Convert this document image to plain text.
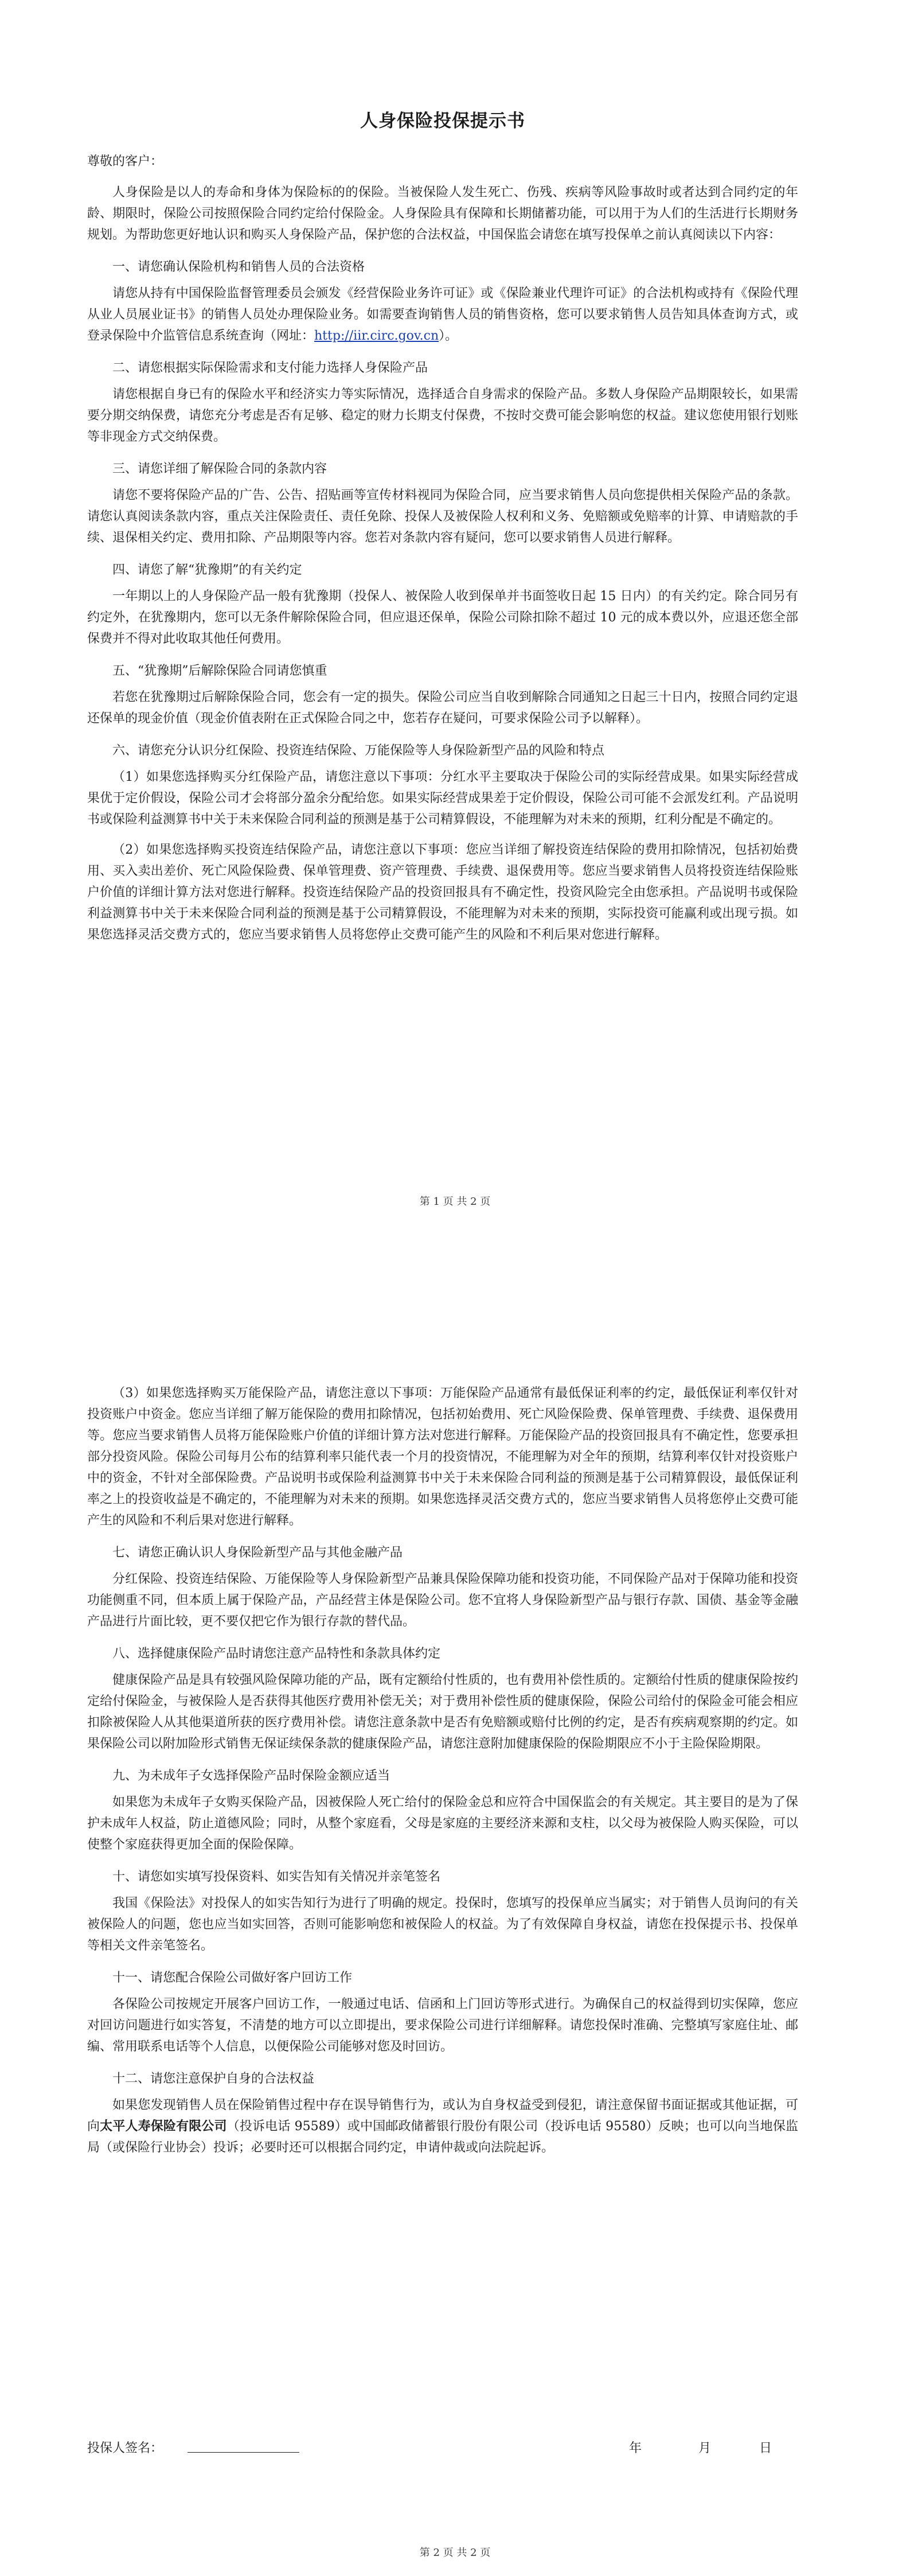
人身保险投保提示书
尊敬的客户：

人身保险是以人的寿命和身体为保险标的的保险。当被保险人发生死亡、伤残、疾病等风险事故时或者达到合同约定的年龄、期限时，保险公司按照保险合同约定给付保险金。人身保险具有保障和长期储蓄功能，可以用于为人们的生活进行长期财务规划。为帮助您更好地认识和购买人身保险产品，保护您的合法权益，中国保监会请您在填写投保单之前认真阅读以下内容：

一、请您确认保险机构和销售人员的合法资格

请您从持有中国保险监督管理委员会颁发《经营保险业务许可证》或《保险兼业代理许可证》的合法机构或持有《保险代理从业人员展业证书》的销售人员处办理保险业务。如需要查询销售人员的销售资格，您可以要求销售人员告知具体查询方式，或登录保险中介监管信息系统查询（网址：http://iir.circ.gov.cn）。

二、请您根据实际保险需求和支付能力选择人身保险产品

请您根据自身已有的保险水平和经济实力等实际情况，选择适合自身需求的保险产品。多数人身保险产品期限较长，如果需要分期交纳保费，请您充分考虑是否有足够、稳定的财力长期支付保费，不按时交费可能会影响您的权益。建议您使用银行划账等非现金方式交纳保费。

三、请您详细了解保险合同的条款内容

请您不要将保险产品的广告、公告、招贴画等宣传材料视同为保险合同，应当要求销售人员向您提供相关保险产品的条款。请您认真阅读条款内容，重点关注保险责任、责任免除、投保人及被保险人权利和义务、免赔额或免赔率的计算、申请赔款的手续、退保相关约定、费用扣除、产品期限等内容。您若对条款内容有疑问，您可以要求销售人员进行解释。

四、请您了解“犹豫期”的有关约定

一年期以上的人身保险产品一般有犹豫期（投保人、被保险人收到保单并书面签收日起 15 日内）的有关约定。除合同另有约定外，在犹豫期内，您可以无条件解除保险合同，但应退还保单，保险公司除扣除不超过 10 元的成本费以外，应退还您全部保费并不得对此收取其他任何费用。

五、“犹豫期”后解除保险合同请您慎重

若您在犹豫期过后解除保险合同，您会有一定的损失。保险公司应当自收到解除合同通知之日起三十日内，按照合同约定退还保单的现金价值（现金价值表附在正式保险合同之中，您若存在疑问，可要求保险公司予以解释）。

六、请您充分认识分红保险、投资连结保险、万能保险等人身保险新型产品的风险和特点

（1）如果您选择购买分红保险产品，请您注意以下事项：分红水平主要取决于保险公司的实际经营成果。如果实际经营成果优于定价假设，保险公司才会将部分盈余分配给您。如果实际经营成果差于定价假设，保险公司可能不会派发红利。产品说明书或保险利益测算书中关于未来保险合同利益的预测是基于公司精算假设，不能理解为对未来的预期，红利分配是不确定的。

（2）如果您选择购买投资连结保险产品，请您注意以下事项：您应当详细了解投资连结保险的费用扣除情况，包括初始费用、买入卖出差价、死亡风险保险费、保单管理费、资产管理费、手续费、退保费用等。您应当要求销售人员将投资连结保险账户价值的详细计算方法对您进行解释。投资连结保险产品的投资回报具有不确定性，投资风险完全由您承担。产品说明书或保险利益测算书中关于未来保险合同利益的预测是基于公司精算假设，不能理解为对未来的预期，实际投资可能赢利或出现亏损。如果您选择灵活交费方式的，您应当要求销售人员将您停止交费可能产生的风险和不利后果对您进行解释。

第 1 页 共 2 页

（3）如果您选择购买万能保险产品，请您注意以下事项：万能保险产品通常有最低保证利率的约定，最低保证利率仅针对投资账户中资金。您应当详细了解万能保险的费用扣除情况，包括初始费用、死亡风险保险费、保单管理费、手续费、退保费用等。您应当要求销售人员将万能保险账户价值的详细计算方法对您进行解释。万能保险产品的投资回报具有不确定性，您要承担部分投资风险。保险公司每月公布的结算利率只能代表一个月的投资情况，不能理解为对全年的预期，结算利率仅针对投资账户中的资金，不针对全部保险费。产品说明书或保险利益测算书中关于未来保险合同利益的预测是基于公司精算假设，最低保证利率之上的投资收益是不确定的，不能理解为对未来的预期。如果您选择灵活交费方式的，您应当要求销售人员将您停止交费可能产生的风险和不利后果对您进行解释。

七、请您正确认识人身保险新型产品与其他金融产品

分红保险、投资连结保险、万能保险等人身保险新型产品兼具保险保障功能和投资功能，不同保险产品对于保障功能和投资功能侧重不同，但本质上属于保险产品，产品经营主体是保险公司。您不宜将人身保险新型产品与银行存款、国债、基金等金融产品进行片面比较，更不要仅把它作为银行存款的替代品。

八、选择健康保险产品时请您注意产品特性和条款具体约定

健康保险产品是具有较强风险保障功能的产品，既有定额给付性质的，也有费用补偿性质的。定额给付性质的健康保险按约定给付保险金，与被保险人是否获得其他医疗费用补偿无关；对于费用补偿性质的健康保险，保险公司给付的保险金可能会相应扣除被保险人从其他渠道所获的医疗费用补偿。请您注意条款中是否有免赔额或赔付比例的约定，是否有疾病观察期的约定。如果保险公司以附加险形式销售无保证续保条款的健康保险产品，请您注意附加健康保险的保险期限应不小于主险保险期限。

九、为未成年子女选择保险产品时保险金额应适当

如果您为未成年子女购买保险产品，因被保险人死亡给付的保险金总和应符合中国保监会的有关规定。其主要目的是为了保护未成年人权益，防止道德风险；同时，从整个家庭看，父母是家庭的主要经济来源和支柱，以父母为被保险人购买保险，可以使整个家庭获得更加全面的保险保障。

十、请您如实填写投保资料、如实告知有关情况并亲笔签名

我国《保险法》对投保人的如实告知行为进行了明确的规定。投保时，您填写的投保单应当属实；对于销售人员询问的有关被保险人的问题，您也应当如实回答，否则可能影响您和被保险人的权益。为了有效保障自身权益，请您在投保提示书、投保单等相关文件亲笔签名。

十一、请您配合保险公司做好客户回访工作

各保险公司按规定开展客户回访工作，一般通过电话、信函和上门回访等形式进行。为确保自己的权益得到切实保障，您应对回访问题进行如实答复，不清楚的地方可以立即提出，要求保险公司进行详细解释。请您投保时准确、完整填写家庭住址、邮编、常用联系电话等个人信息，以便保险公司能够对您及时回访。

十二、请您注意保护自身的合法权益

如果您发现销售人员在保险销售过程中存在误导销售行为，或认为自身权益受到侵犯，请注意保留书面证据或其他证据，可向太平人寿保险有限公司（投诉电话 95589）或中国邮政储蓄银行股份有限公司（投诉电话 95580）反映；也可以向当地保监局（或保险行业协会）投诉；必要时还可以根据合同约定，申请仲裁或向法院起诉。

投保人签名：	年	月	日
第 2 页 共 2 页
